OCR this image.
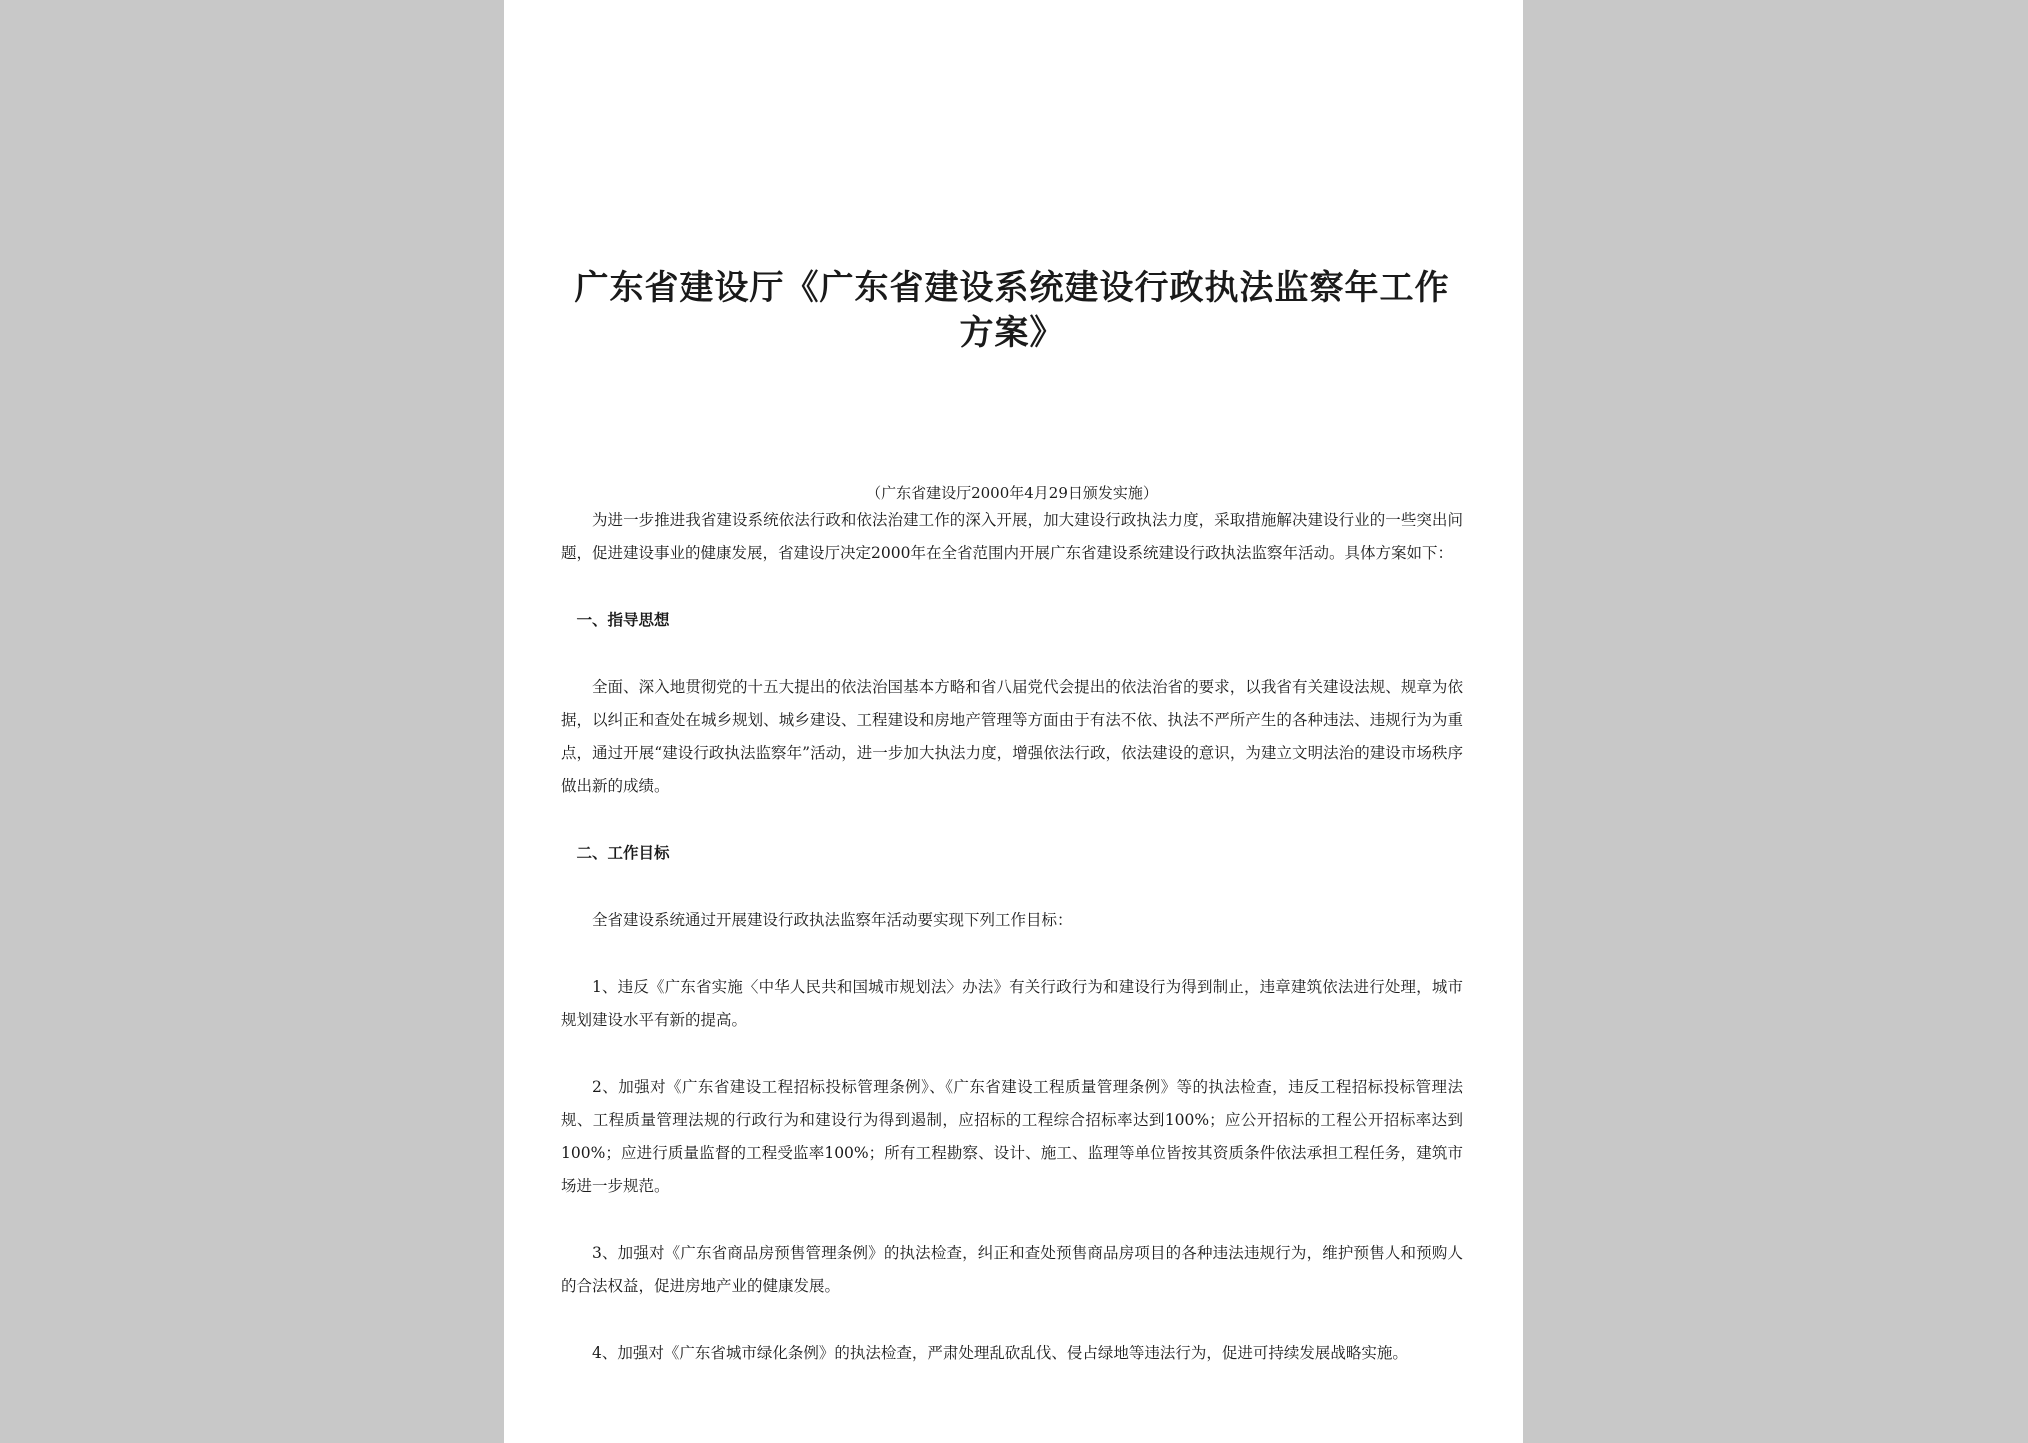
广东省建设厅《广东省建设系统建设行政执法监察年工作方案》
（广东省建设厅2000年4月29日颁发实施）

为进一步推进我省建设系统依法行政和依法治建工作的深入开展，加大建设行政执法力度，采取措施解决建设行业的一些突出问题，促进建设事业的健康发展，省建设厅决定2000年在全省范围内开展广东省建设系统建设行政执法监察年活动。具体方案如下：

一、指导思想

全面、深入地贯彻党的十五大提出的依法治国基本方略和省八届党代会提出的依法治省的要求，以我省有关建设法规、规章为依据，以纠正和查处在城乡规划、城乡建设、工程建设和房地产管理等方面由于有法不依、执法不严所产生的各种违法、违规行为为重点，通过开展“建设行政执法监察年”活动，进一步加大执法力度，增强依法行政，依法建设的意识，为建立文明法治的建设市场秩序做出新的成绩。

二、工作目标

全省建设系统通过开展建设行政执法监察年活动要实现下列工作目标：

1、违反《广东省实施〈中华人民共和国城市规划法〉办法》有关行政行为和建设行为得到制止，违章建筑依法进行处理，城市规划建设水平有新的提高。

2、加强对《广东省建设工程招标投标管理条例》、《广东省建设工程质量管理条例》等的执法检查，违反工程招标投标管理法规、工程质量管理法规的行政行为和建设行为得到遏制，应招标的工程综合招标率达到100%；应公开招标的工程公开招标率达到100%；应进行质量监督的工程受监率100%；所有工程勘察、设计、施工、监理等单位皆按其资质条件依法承担工程任务，建筑市场进一步规范。

3、加强对《广东省商品房预售管理条例》的执法检查，纠正和查处预售商品房项目的各种违法违规行为，维护预售人和预购人的合法权益，促进房地产业的健康发展。

4、加强对《广东省城市绿化条例》的执法检查，严肃处理乱砍乱伐、侵占绿地等违法行为，促进可持续发展战略实施。
